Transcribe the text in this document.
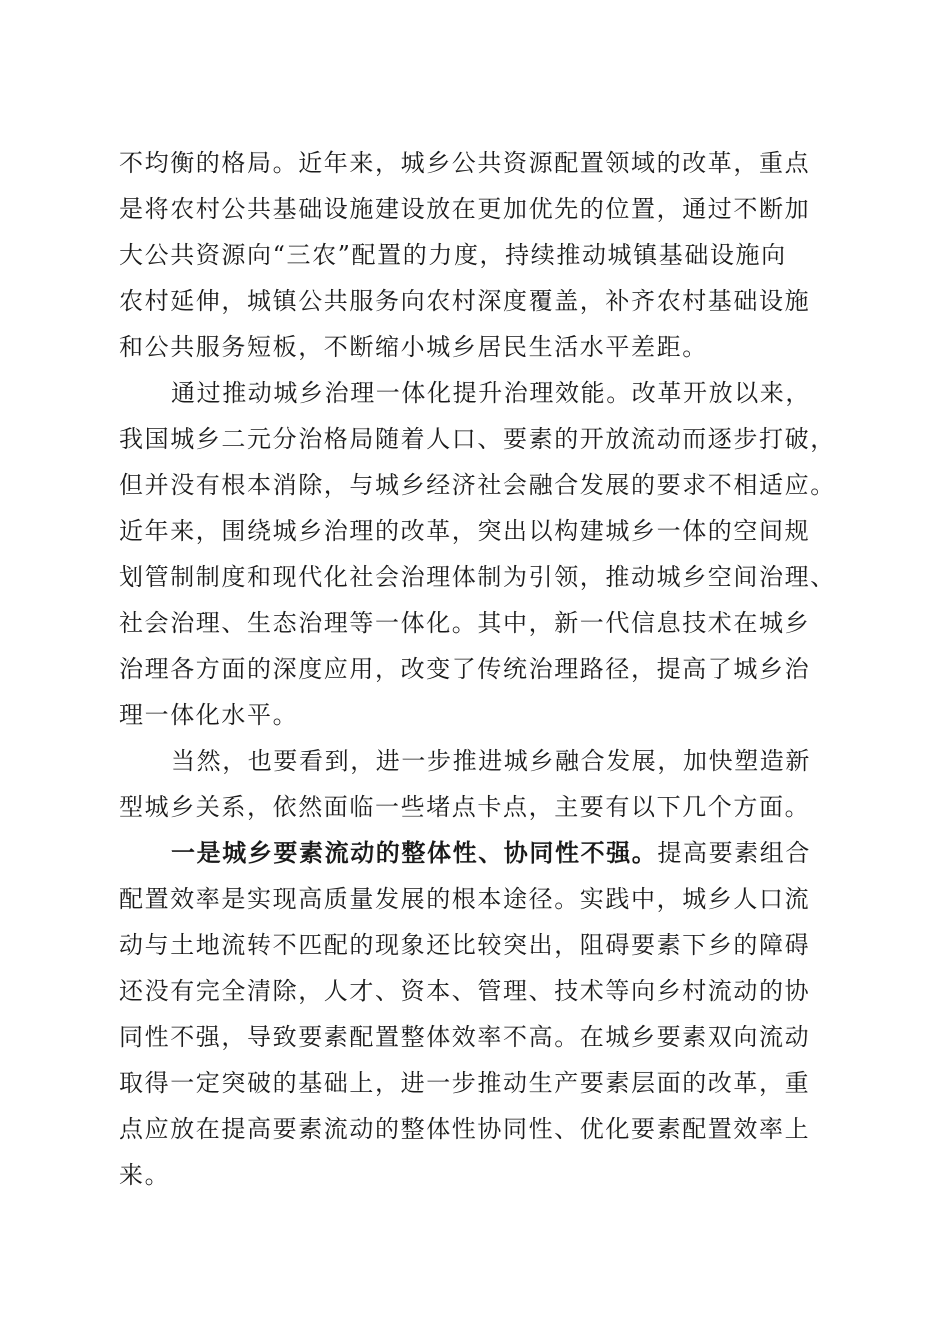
不均衡的格局。近年来，城乡公共资源配置领域的改革，重点
是将农村公共基础设施建设放在更加优先的位置，通过不断加
大公共资源向“三农”配置的力度，持续推动城镇基础设施向
农村延伸，城镇公共服务向农村深度覆盖，补齐农村基础设施
和公共服务短板，不断缩小城乡居民生活水平差距。
通过推动城乡治理一体化提升治理效能。改革开放以来，
我国城乡二元分治格局随着人口、要素的开放流动而逐步打破，
但并没有根本消除，与城乡经济社会融合发展的要求不相适应。
近年来，围绕城乡治理的改革，突出以构建城乡一体的空间规
划管制制度和现代化社会治理体制为引领，推动城乡空间治理、
社会治理、生态治理等一体化。其中，新一代信息技术在城乡
治理各方面的深度应用，改变了传统治理路径，提高了城乡治
理一体化水平。
当然，也要看到，进一步推进城乡融合发展，加快塑造新
型城乡关系，依然面临一些堵点卡点，主要有以下几个方面。
一是城乡要素流动的整体性、协同性不强。提高要素组合
配置效率是实现高质量发展的根本途径。实践中，城乡人口流
动与土地流转不匹配的现象还比较突出，阻碍要素下乡的障碍
还没有完全清除，人才、资本、管理、技术等向乡村流动的协
同性不强，导致要素配置整体效率不高。在城乡要素双向流动
取得一定突破的基础上，进一步推动生产要素层面的改革，重
点应放在提高要素流动的整体性协同性、优化要素配置效率上
来。
